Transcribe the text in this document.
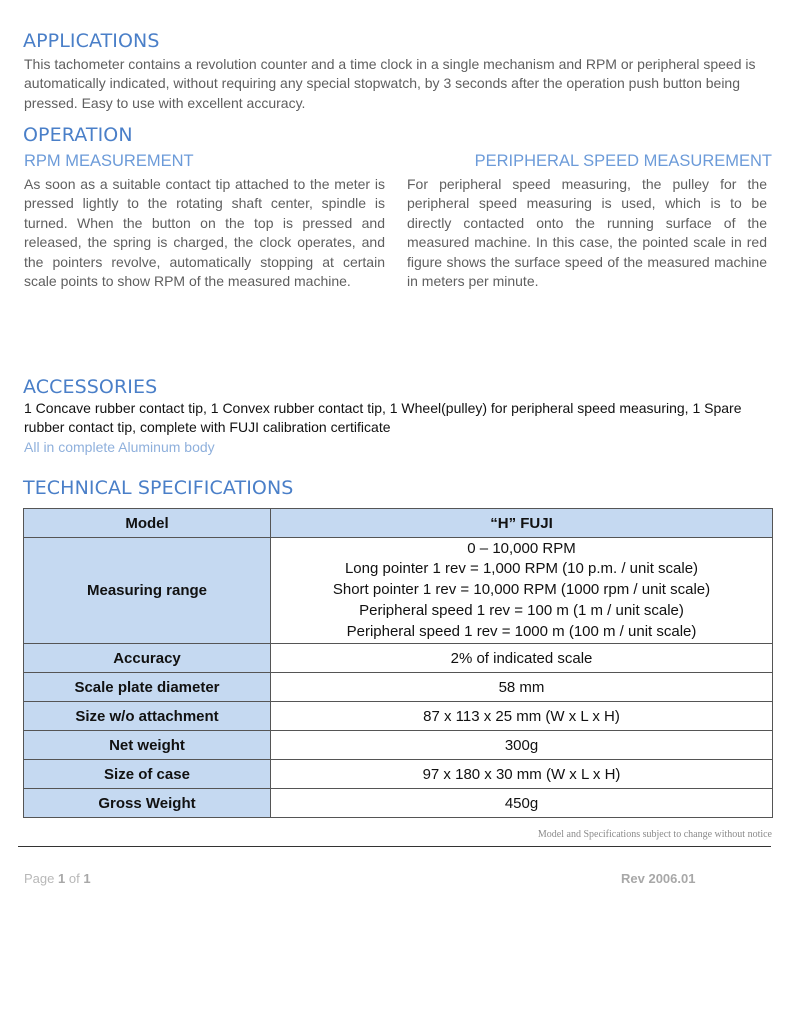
APPLICATIONS

This tachometer contains a revolution counter and a time clock in a single mechanism and RPM or peripheral speed is automatically indicated, without requiring any special stopwatch, by 3 seconds after the operation push button being pressed. Easy to use with excellent accuracy.

OPERATION
RPM MEASUREMENT

As soon as a suitable contact tip attached to the meter is pressed lightly to the rotating shaft center, spindle is turned. When the button on the top is pressed and released, the spring is charged, the clock operates, and the pointers revolve, automatically stopping at certain scale points to show RPM of the measured machine.

PERIPHERAL SPEED MEASUREMENT

For peripheral speed measuring, the pulley for the peripheral speed measuring is used, which is to be directly contacted onto the running surface of the measured machine. In this case, the pointed scale in red figure shows the surface speed of the measured machine in meters per minute.

ACCESSORIES

1 Concave rubber contact tip, 1 Convex rubber contact tip, 1 Wheel(pulley) for peripheral speed measuring, 1 Spare rubber contact tip, complete with FUJI calibration certificate

All in complete Aluminum body

TECHNICAL SPECIFICATIONS
Model	“H” FUJI
Measuring range	0 – 10,000 RPM
Long pointer 1 rev = 1,000 RPM (10 p.m. / unit scale)
Short pointer 1 rev = 10,000 RPM (1000 rpm / unit scale)
Peripheral speed 1 rev = 100 m (1 m / unit scale)
Peripheral speed 1 rev = 1000 m (100 m / unit scale)

Accuracy	2% of indicated scale
Scale plate diameter	58 mm
Size w/o attachment	87 x 113 x 25 mm (W x L x H)
Net weight	300g
Size of case	97 x 180 x 30 mm (W x L x H)
Gross Weight	450g
Model and Specifications subject to change without notice
Page 1 of 1	Rev 2006.01
